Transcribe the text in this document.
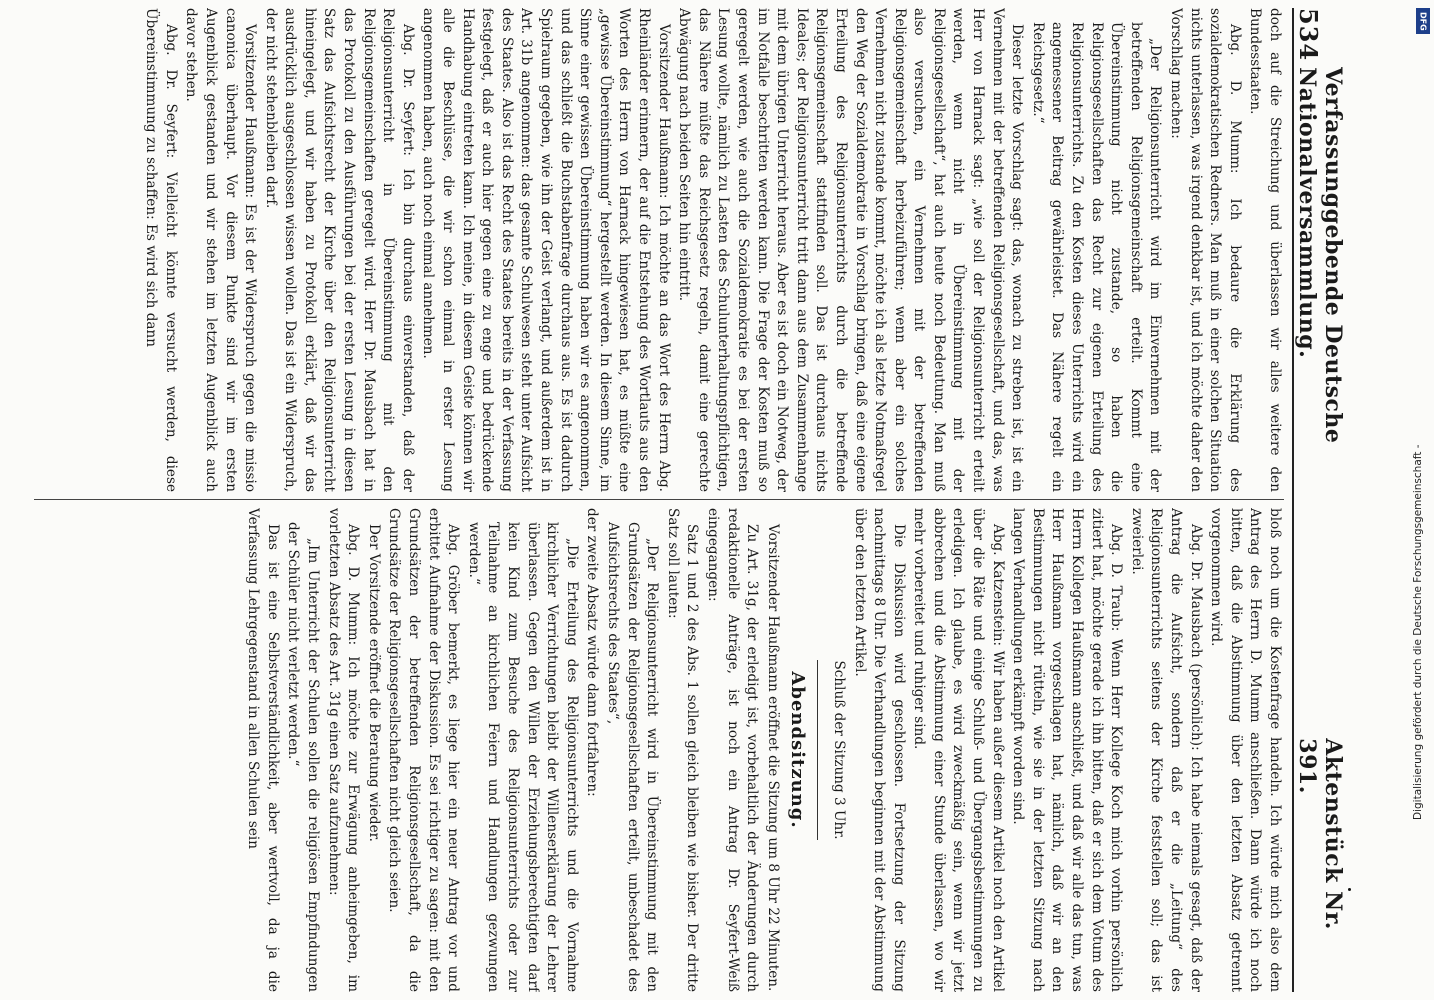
534
Verfassunggebende Deutsche Nationalversammlung.
Aktenstück Nr. 391.

doch auf die Streichung und überlassen wir alles weitere den Bundesstaaten.

Abg. D. Mumm: Ich bedaure die Erklärung des sozialdemokratischen Redners. Man muß in einer solchen Situation nichts unterlassen, was irgend denkbar ist, und ich möchte daher den Vorschlag machen:

„Der Religionsunterricht wird im Einvernehmen mit der betreffenden Religionsgemeinschaft erteilt. Kommt eine Übereinstimmung nicht zustande, so haben die Religionsgesellschaften das Recht zur eigenen Erteilung des Religionsunterrichts. Zu den Kosten dieses Unterrichts wird ein angemessener Beitrag gewährleistet. Das Nähere regelt ein Reichsgesetz.“

Dieser letzte Vorschlag sagt: das, wonach zu streben ist, ist ein Vernehmen mit der betreffenden Religionsgesellschaft, und das, was Herr von Harnack sagt: „wie soll der Religionsunterricht erteilt werden, wenn nicht in Übereinstimmung mit der Religionsgesellschaft“, hat auch heute noch Bedeutung. Man muß also versuchen, ein Vernehmen mit der betreffenden Religionsgemeinschaft herbeizuführen; wenn aber ein solches Vernehmen nicht zustande kommt, möchte ich als letzte Notmaßregel den Weg der Sozialdemokratie in Vorschlag bringen, daß eine eigene Erteilung des Religionsunterrichts durch die betreffende Religionsgemeinschaft stattfinden soll. Das ist durchaus nichts Ideales; der Religionsunterricht tritt dann aus dem Zusammenhange mit dem übrigen Unterricht heraus. Aber es ist doch ein Notweg, der im Notfalle beschritten werden kann. Die Frage der Kosten muß so geregelt werden, wie auch die Sozialdemokratie es bei der ersten Lesung wollte, nämlich zu Lasten des Schulunterhaltungspflichtigen, das Nähere müßte das Reichsgesetz regeln, damit eine gerechte Abwägung nach beiden Seiten hin eintritt.

Vorsitzender Haußmann: Ich möchte an das Wort des Herrn Abg. Rheinländer erinnern, der auf die Entstehung des Wortlauts aus den Worten des Herrn von Harnack hingewiesen hat, es müßte eine „gewisse Übereinstimmung“ hergestellt werden. In diesem Sinne, im Sinne einer gewissen Übereinstimmung haben wir es angenommen, und das schließt die Buchstabenfrage durchaus aus. Es ist dadurch Spielraum gegeben, wie ihn der Geist verlangt, und außerdem ist in Art. 31b angenommen: das gesamte Schulwesen steht unter Aufsicht des Staates. Also ist das Recht des Staates bereits in der Verfassung festgelegt, daß er auch hier gegen eine zu enge und bedrückende Handhabung eintreten kann. Ich meine, in diesem Geiste können wir alle die Beschlüsse, die wir schon einmal in erster Lesung angenommen haben, auch noch einmal annehmen.

Abg. Dr. Seyfert: Ich bin durchaus einverstanden, daß der Religionsunterricht in Übereinstimmung mit den Religionsgemeinschaften geregelt wird. Herr Dr. Mausbach hat in das Protokoll zu den Ausführungen bei der ersten Lesung in diesen Satz das Aufsichtsrecht der Kirche über den Religionsunterricht hineingelegt, und wir haben zu Protokoll erklärt, daß wir das ausdrücklich ausgeschlossen wissen wollen. Das ist ein Widerspruch, der nicht stehenbleiben darf.

Vorsitzender Haußmann: Es ist der Widerspruch gegen die missio canonica überhaupt. Vor diesem Punkte sind wir im ersten Augenblick gestanden und wir stehen im letzten Augenblick auch davor stehen.

Abg. Dr. Seyfert: Vielleicht könnte versucht werden, diese Übereinstimmung zu schaffen: Es wird sich dann

bloß noch um die Kostenfrage handeln. Ich würde mich also dem Antrag des Herrn D. Mumm anschließen. Dann würde ich noch bitten, daß die Abstimmung über den letzten Absatz getrennt vorgenommen wird.

Abg. Dr. Mausbach (persönlich): Ich habe niemals gesagt, daß der Antrag die Aufsicht, sondern daß er die „Leitung“ des Religionsunterrichts seitens der Kirche feststellen soll; das ist zweierlei.

Abg. D. Traub: Wenn Herr Kollege Koch mich vorhin persönlich zitiert hat, möchte gerade ich ihn bitten, daß er sich dem Votum des Herrn Kollegen Haußmann anschließt, und daß wir alle das tun, was Herr Haußmann vorgeschlagen hat, nämlich, daß wir an den Bestimmungen nicht rütteln, wie sie in der letzten Sitzung nach langen Verhandlungen erkämpft worden sind.

Abg. Katzenstein: Wir haben außer diesem Artikel noch den Artikel über die Räte und einige Schluß- und Übergangsbestimmungen zu erledigen. Ich glaube, es wird zweckmäßig sein, wenn wir jetzt abbrechen und die Abstimmung einer Stunde überlassen, wo wir mehr vorbereitet und ruhiger sind.

Die Diskussion wird geschlossen. Fortsetzung der Sitzung nachmittags 8 Uhr. Die Verhandlungen beginnen mit der Abstimmung über den letzten Artikel.

Schluß der Sitzung 3 Uhr.

Abendsitzung.

Vorsitzender Haußmann eröffnet die Sitzung um 8 Uhr 22 Minuten.

Zu Art. 31g, der erledigt ist, vorbehaltlich der Änderungen durch redaktionelle Anträge, ist noch ein Antrag Dr. Seyfert-Weiß eingegangen:

Satz 1 und 2 des Abs. 1 sollen gleich bleiben wie bisher. Der dritte Satz soll lauten:

„Der Religionsunterricht wird in Übereinstimmung mit den Grundsätzen der Religionsgesellschaften erteilt, unbeschadet des Aufsichtsrechts des Staates“,

der zweite Absatz würde dann fortfahren:

„Die Erteilung des Religionsunterrichts und die Vornahme kirchlicher Verrichtungen bleibt der Willenserklärung der Lehrer überlassen. Gegen den Willen der Erziehungsberechtigten darf kein Kind zum Besuche des Religionsunterrichts oder zur Teilnahme an kirchlichen Feiern und Handlungen gezwungen werden.“

Abg. Gröber bemerkt, es liege hier ein neuer Antrag vor und erbittet Aufnahme der Diskussion. Es sei richtiger zu sagen: mit den Grundsätzen der betreffenden Religionsgesellschaft, da die Grundsätze der Religionsgesellschaften nicht gleich seien.

Der Vorsitzende eröffnet die Beratung wieder.

Abg. D. Mumm: Ich möchte zur Erwägung anheimgeben, im vorletzten Absatz des Art. 31g einen Satz aufzunehmen:

„Im Unterricht der Schulen sollen die religiösen Empfindungen der Schüler nicht verletzt werden.“

Das ist eine Selbstverständlichkeit, aber wertvoll, da ja die Verfassung Lehrgegenstand in allen Schulen sein

DFG
Digitalisierung gefördert durch die Deutsche Forschungsgemeinschaft -
